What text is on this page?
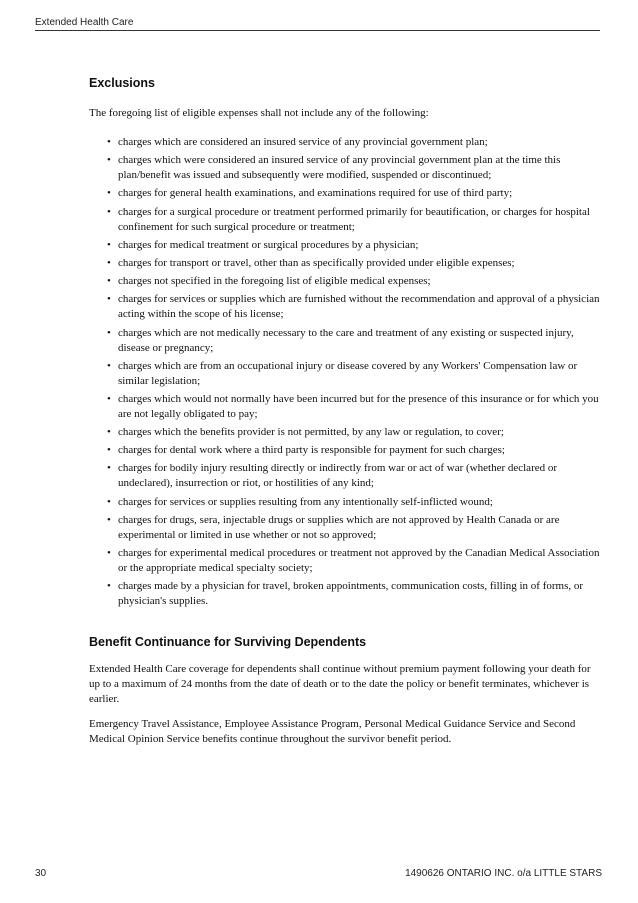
Extended Health Care
Exclusions

The foregoing list of eligible expenses shall not include any of the following:

• charges which are considered an insured service of any provincial government plan;
• charges which were considered an insured service of any provincial government plan at the time this plan/benefit was issued and subsequently were modified, suspended or discontinued;
• charges for general health examinations, and examinations required for use of third party;
• charges for a surgical procedure or treatment performed primarily for beautification, or charges for hospital confinement for such surgical procedure or treatment;
• charges for medical treatment or surgical procedures by a physician;
• charges for transport or travel, other than as specifically provided under eligible expenses;
• charges not specified in the foregoing list of eligible medical expenses;
• charges for services or supplies which are furnished without the recommendation and approval of a physician acting within the scope of his license;
• charges which are not medically necessary to the care and treatment of any existing or suspected injury, disease or pregnancy;
• charges which are from an occupational injury or disease covered by any Workers' Compensation law or similar legislation;
• charges which would not normally have been incurred but for the presence of this insurance or for which you are not legally obligated to pay;
• charges which the benefits provider is not permitted, by any law or regulation, to cover;
• charges for dental work where a third party is responsible for payment for such charges;
• charges for bodily injury resulting directly or indirectly from war or act of war (whether declared or undeclared), insurrection or riot, or hostilities of any kind;
• charges for services or supplies resulting from any intentionally self-inflicted wound;
• charges for drugs, sera, injectable drugs or supplies which are not approved by Health Canada or are experimental or limited in use whether or not so approved;
• charges for experimental medical procedures or treatment not approved by the Canadian Medical Association or the appropriate medical specialty society;
• charges made by a physician for travel, broken appointments, communication costs, filling in of forms, or physician's supplies.
Benefit Continuance for Surviving Dependents

Extended Health Care coverage for dependents shall continue without premium payment following your death for up to a maximum of 24 months from the date of death or to the date the policy or benefit terminates, whichever is earlier.

Emergency Travel Assistance, Employee Assistance Program, Personal Medical Guidance Service and Second Medical Opinion Service benefits continue throughout the survivor benefit period.

30	1490626 ONTARIO INC. o/a LITTLE STARS
